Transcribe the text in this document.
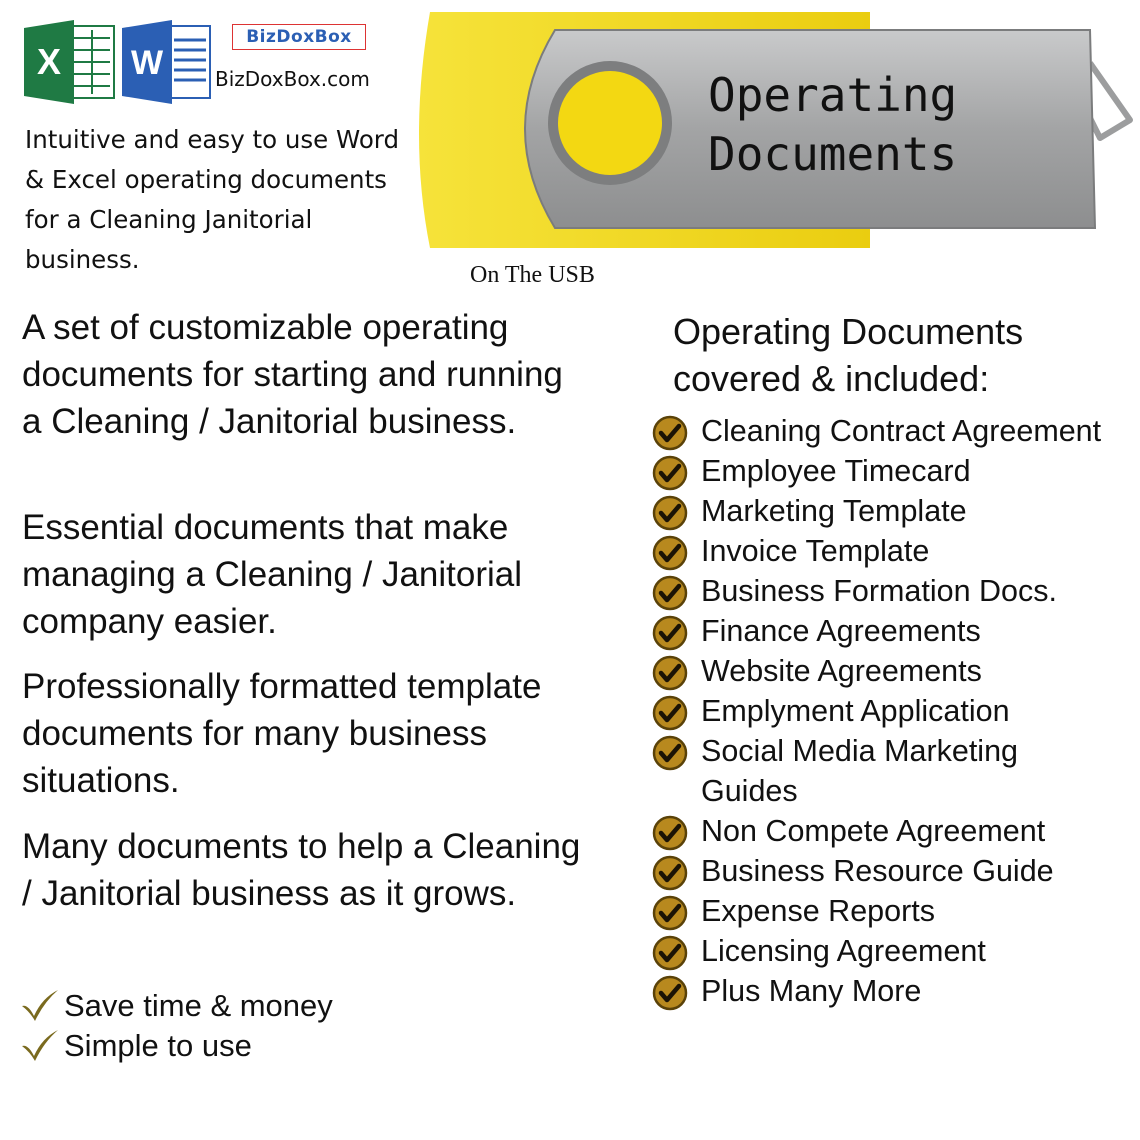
X W
BizDoxBox
BizDoxBox.com
Intuitive and easy to use Word & Excel operating documents for a Cleaning Janitorial business.
Operating
Documents
On The USB
A set of customizable operating documents for starting and running a Cleaning / Janitorial business.
Essential documents that make managing a Cleaning / Janitorial company easier.
Professionally formatted template documents for many business situations.
Many documents to help a Cleaning / Janitorial business as it grows.
Save time & money
Simple to use
Operating Documents
covered & included:
Cleaning Contract Agreement
Employee Timecard
Marketing Template
Invoice Template
Business Formation Docs.
Finance Agreements
Website Agreements
Emplyment Application
Social Media Marketing
Guides
Non Compete Agreement
Business Resource Guide
Expense Reports
Licensing Agreement
Plus Many More
